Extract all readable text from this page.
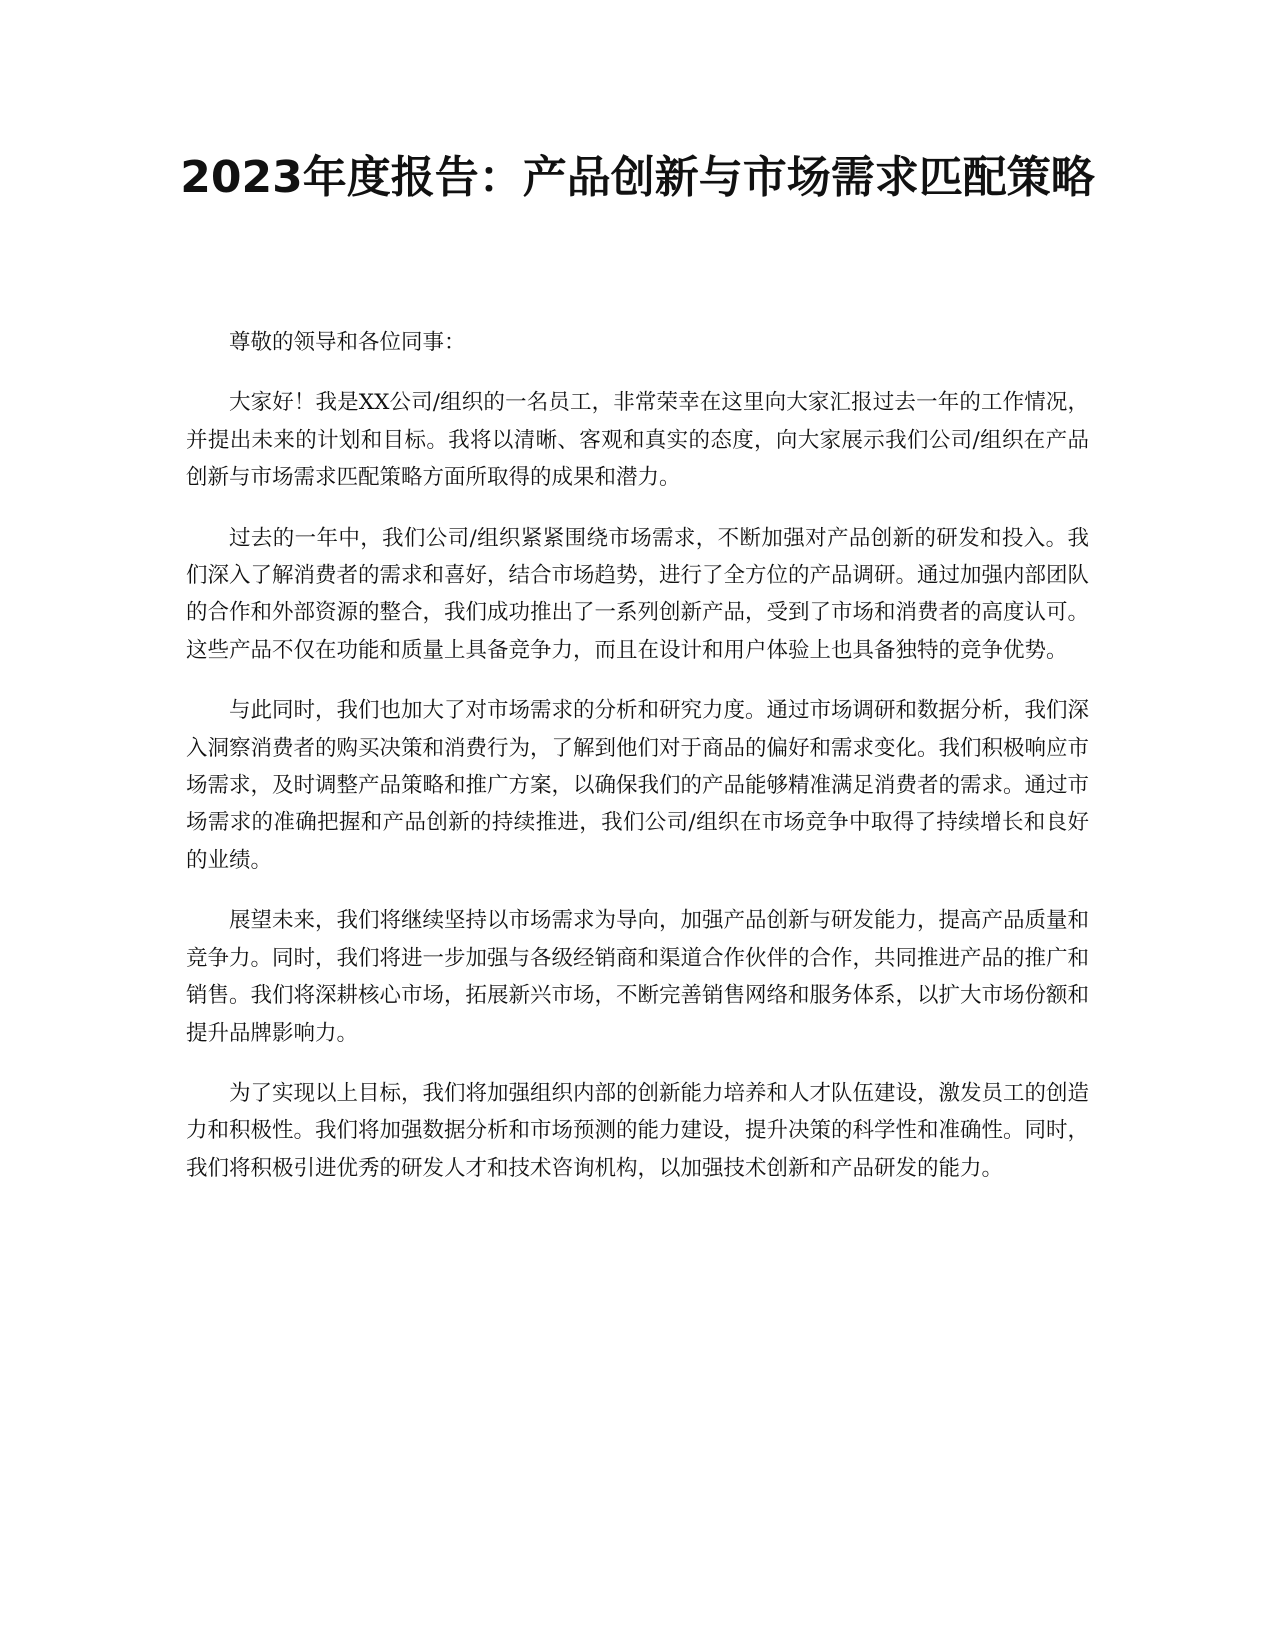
2023年度报告：产品创新与市场需求匹配策略

尊敬的领导和各位同事：

大家好！我是XX公司/组织的一名员工，非常荣幸在这里向大家汇报过去一年的工作情况，并提出未来的计划和目标。我将以清晰、客观和真实的态度，向大家展示我们公司/组织在产品创新与市场需求匹配策略方面所取得的成果和潜力。

过去的一年中，我们公司/组织紧紧围绕市场需求，不断加强对产品创新的研发和投入。我们深入了解消费者的需求和喜好，结合市场趋势，进行了全方位的产品调研。通过加强内部团队的合作和外部资源的整合，我们成功推出了一系列创新产品，受到了市场和消费者的高度认可。这些产品不仅在功能和质量上具备竞争力，而且在设计和用户体验上也具备独特的竞争优势。

与此同时，我们也加大了对市场需求的分析和研究力度。通过市场调研和数据分析，我们深入洞察消费者的购买决策和消费行为，了解到他们对于商品的偏好和需求变化。我们积极响应市场需求，及时调整产品策略和推广方案，以确保我们的产品能够精准满足消费者的需求。通过市场需求的准确把握和产品创新的持续推进，我们公司/组织在市场竞争中取得了持续增长和良好的业绩。

展望未来，我们将继续坚持以市场需求为导向，加强产品创新与研发能力，提高产品质量和竞争力。同时，我们将进一步加强与各级经销商和渠道合作伙伴的合作，共同推进产品的推广和销售。我们将深耕核心市场，拓展新兴市场，不断完善销售网络和服务体系，以扩大市场份额和提升品牌影响力。

为了实现以上目标，我们将加强组织内部的创新能力培养和人才队伍建设，激发员工的创造力和积极性。我们将加强数据分析和市场预测的能力建设，提升决策的科学性和准确性。同时，我们将积极引进优秀的研发人才和技术咨询机构，以加强技术创新和产品研发的能力。
